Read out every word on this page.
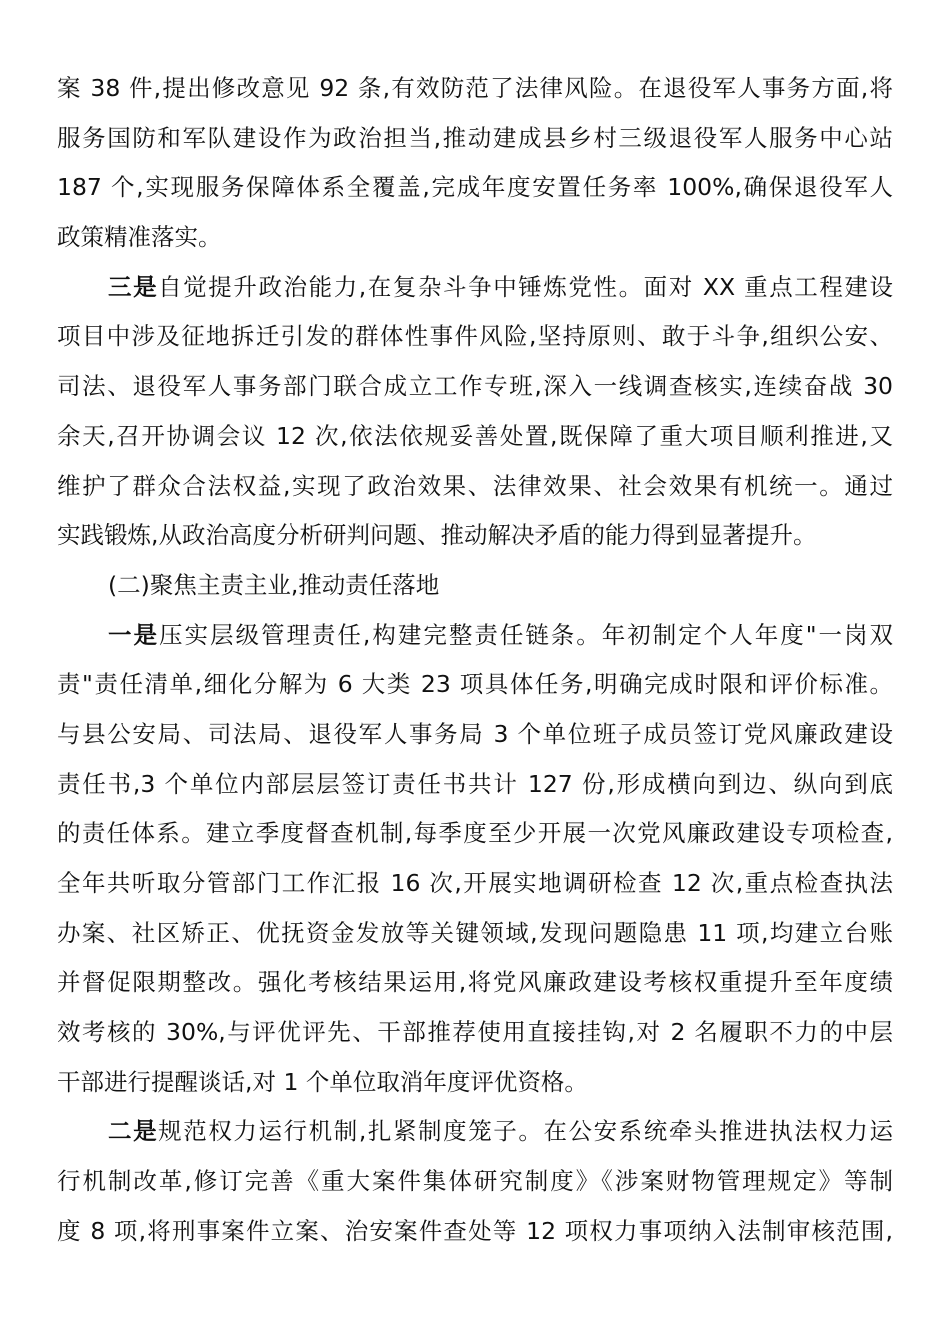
案 38 件,提出修改意见 92 条,有效防范了法律风险。在退役军人事务方面,将
服务国防和军队建设作为政治担当,推动建成县乡村三级退役军人服务中心站
187 个,实现服务保障体系全覆盖,完成年度安置任务率 100%,确保退役军人
政策精准落实。
三是自觉提升政治能力,在复杂斗争中锤炼党性。面对 XX 重点工程建设
项目中涉及征地拆迁引发的群体性事件风险,坚持原则、敢于斗争,组织公安、
司法、退役军人事务部门联合成立工作专班,深入一线调查核实,连续奋战 30
余天,召开协调会议 12 次,依法依规妥善处置,既保障了重大项目顺利推进,又
维护了群众合法权益,实现了政治效果、法律效果、社会效果有机统一。通过
实践锻炼,从政治高度分析研判问题、推动解决矛盾的能力得到显著提升。
(二)聚焦主责主业,推动责任落地
一是压实层级管理责任,构建完整责任链条。年初制定个人年度"一岗双
责"责任清单,细化分解为 6 大类 23 项具体任务,明确完成时限和评价标准。
与县公安局、司法局、退役军人事务局 3 个单位班子成员签订党风廉政建设
责任书,3 个单位内部层层签订责任书共计 127 份,形成横向到边、纵向到底
的责任体系。建立季度督查机制,每季度至少开展一次党风廉政建设专项检查,
全年共听取分管部门工作汇报 16 次,开展实地调研检查 12 次,重点检查执法
办案、社区矫正、优抚资金发放等关键领域,发现问题隐患 11 项,均建立台账
并督促限期整改。强化考核结果运用,将党风廉政建设考核权重提升至年度绩
效考核的 30%,与评优评先、干部推荐使用直接挂钩,对 2 名履职不力的中层
干部进行提醒谈话,对 1 个单位取消年度评优资格。
二是规范权力运行机制,扎紧制度笼子。在公安系统牵头推进执法权力运
行机制改革,修订完善《重大案件集体研究制度》《涉案财物管理规定》等制
度 8 项,将刑事案件立案、治安案件查处等 12 项权力事项纳入法制审核范围,
